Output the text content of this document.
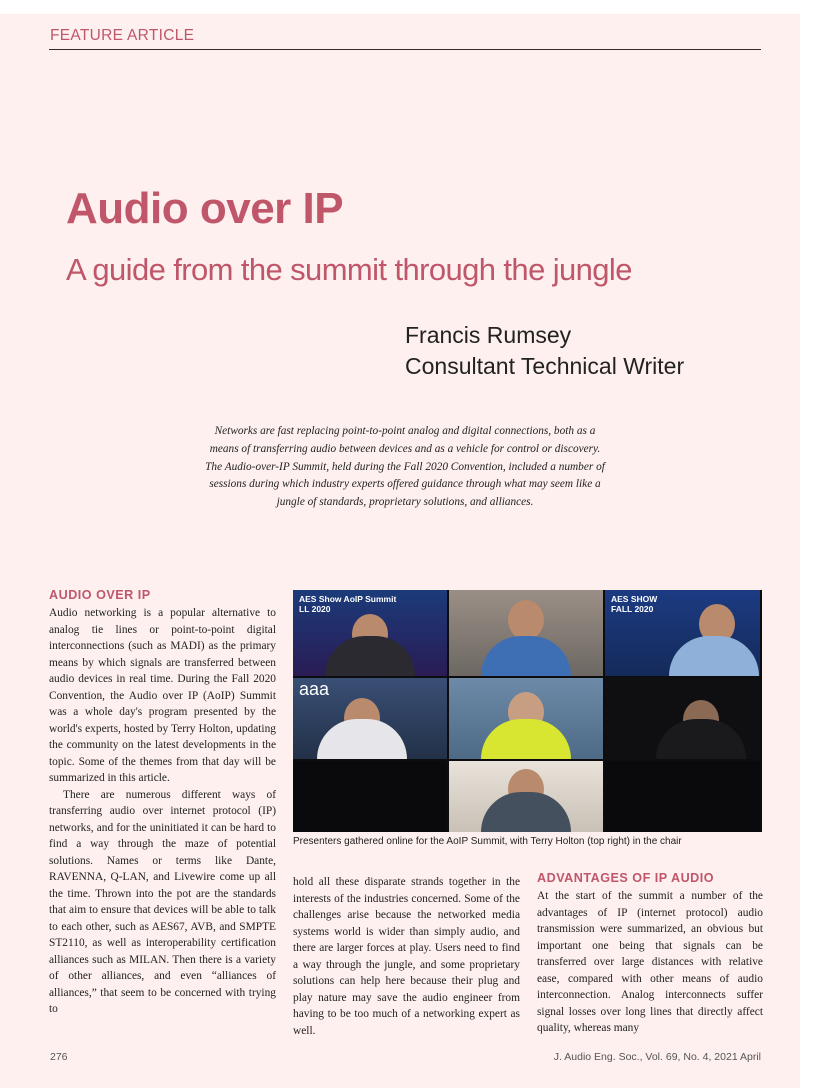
FEATURE ARTICLE
Audio over IP
A guide from the summit through the jungle
Francis Rumsey
Consultant Technical Writer
Networks are fast replacing point-to-point analog and digital connections, both as a means of transferring audio between devices and as a vehicle for control or discovery. The Audio-over-IP Summit, held during the Fall 2020 Convention, included a number of sessions during which industry experts offered guidance through what may seem like a jungle of standards, proprietary solutions, and alliances.
AUDIO OVER IP

Audio networking is a popular alternative to analog tie lines or point-to-point digital interconnections (such as MADI) as the primary means by which signals are transferred between audio devices in real time. During the Fall 2020 Convention, the Audio over IP (AoIP) Summit was a whole day's program presented by the world's experts, hosted by Terry Holton, updating the community on the latest developments in the topic. Some of the themes from that day will be summarized in this article.

There are numerous different ways of transferring audio over internet protocol (IP) networks, and for the uninitiated it can be hard to find a way through the maze of potential solutions. Names or terms like Dante, RAVENNA, Q-LAN, and Livewire come up all the time. Thrown into the pot are the standards that aim to ensure that devices will be able to talk to each other, such as AES67, AVB, and SMPTE ST2110, as well as interoperability certification alliances such as MILAN. Then there is a variety of other alliances, and even “alliances of alliances,” that seem to be concerned with trying to

AES Show AoIP Summit
LL 2020
AES SHOW
FALL 2020
aaa
Presenters gathered online for the AoIP Summit, with Terry Holton (top right) in the chair

hold all these disparate strands together in the interests of the industries concerned. Some of the challenges arise because the networked media systems world is wider than simply audio, and there are larger forces at play. Users need to find a way through the jungle, and some proprietary solutions can help here because their plug and play nature may save the audio engineer from having to be too much of a networking expert as well.

ADVANTAGES OF IP AUDIO

At the start of the summit a number of the advantages of IP (internet protocol) audio transmission were summarized, an obvious but important one being that signals can be transferred over large distances with relative ease, compared with other means of audio interconnection. Analog interconnects suffer signal losses over long lines that directly affect quality, whereas many

276	J. Audio Eng. Soc., Vol. 69, No. 4, 2021 April
